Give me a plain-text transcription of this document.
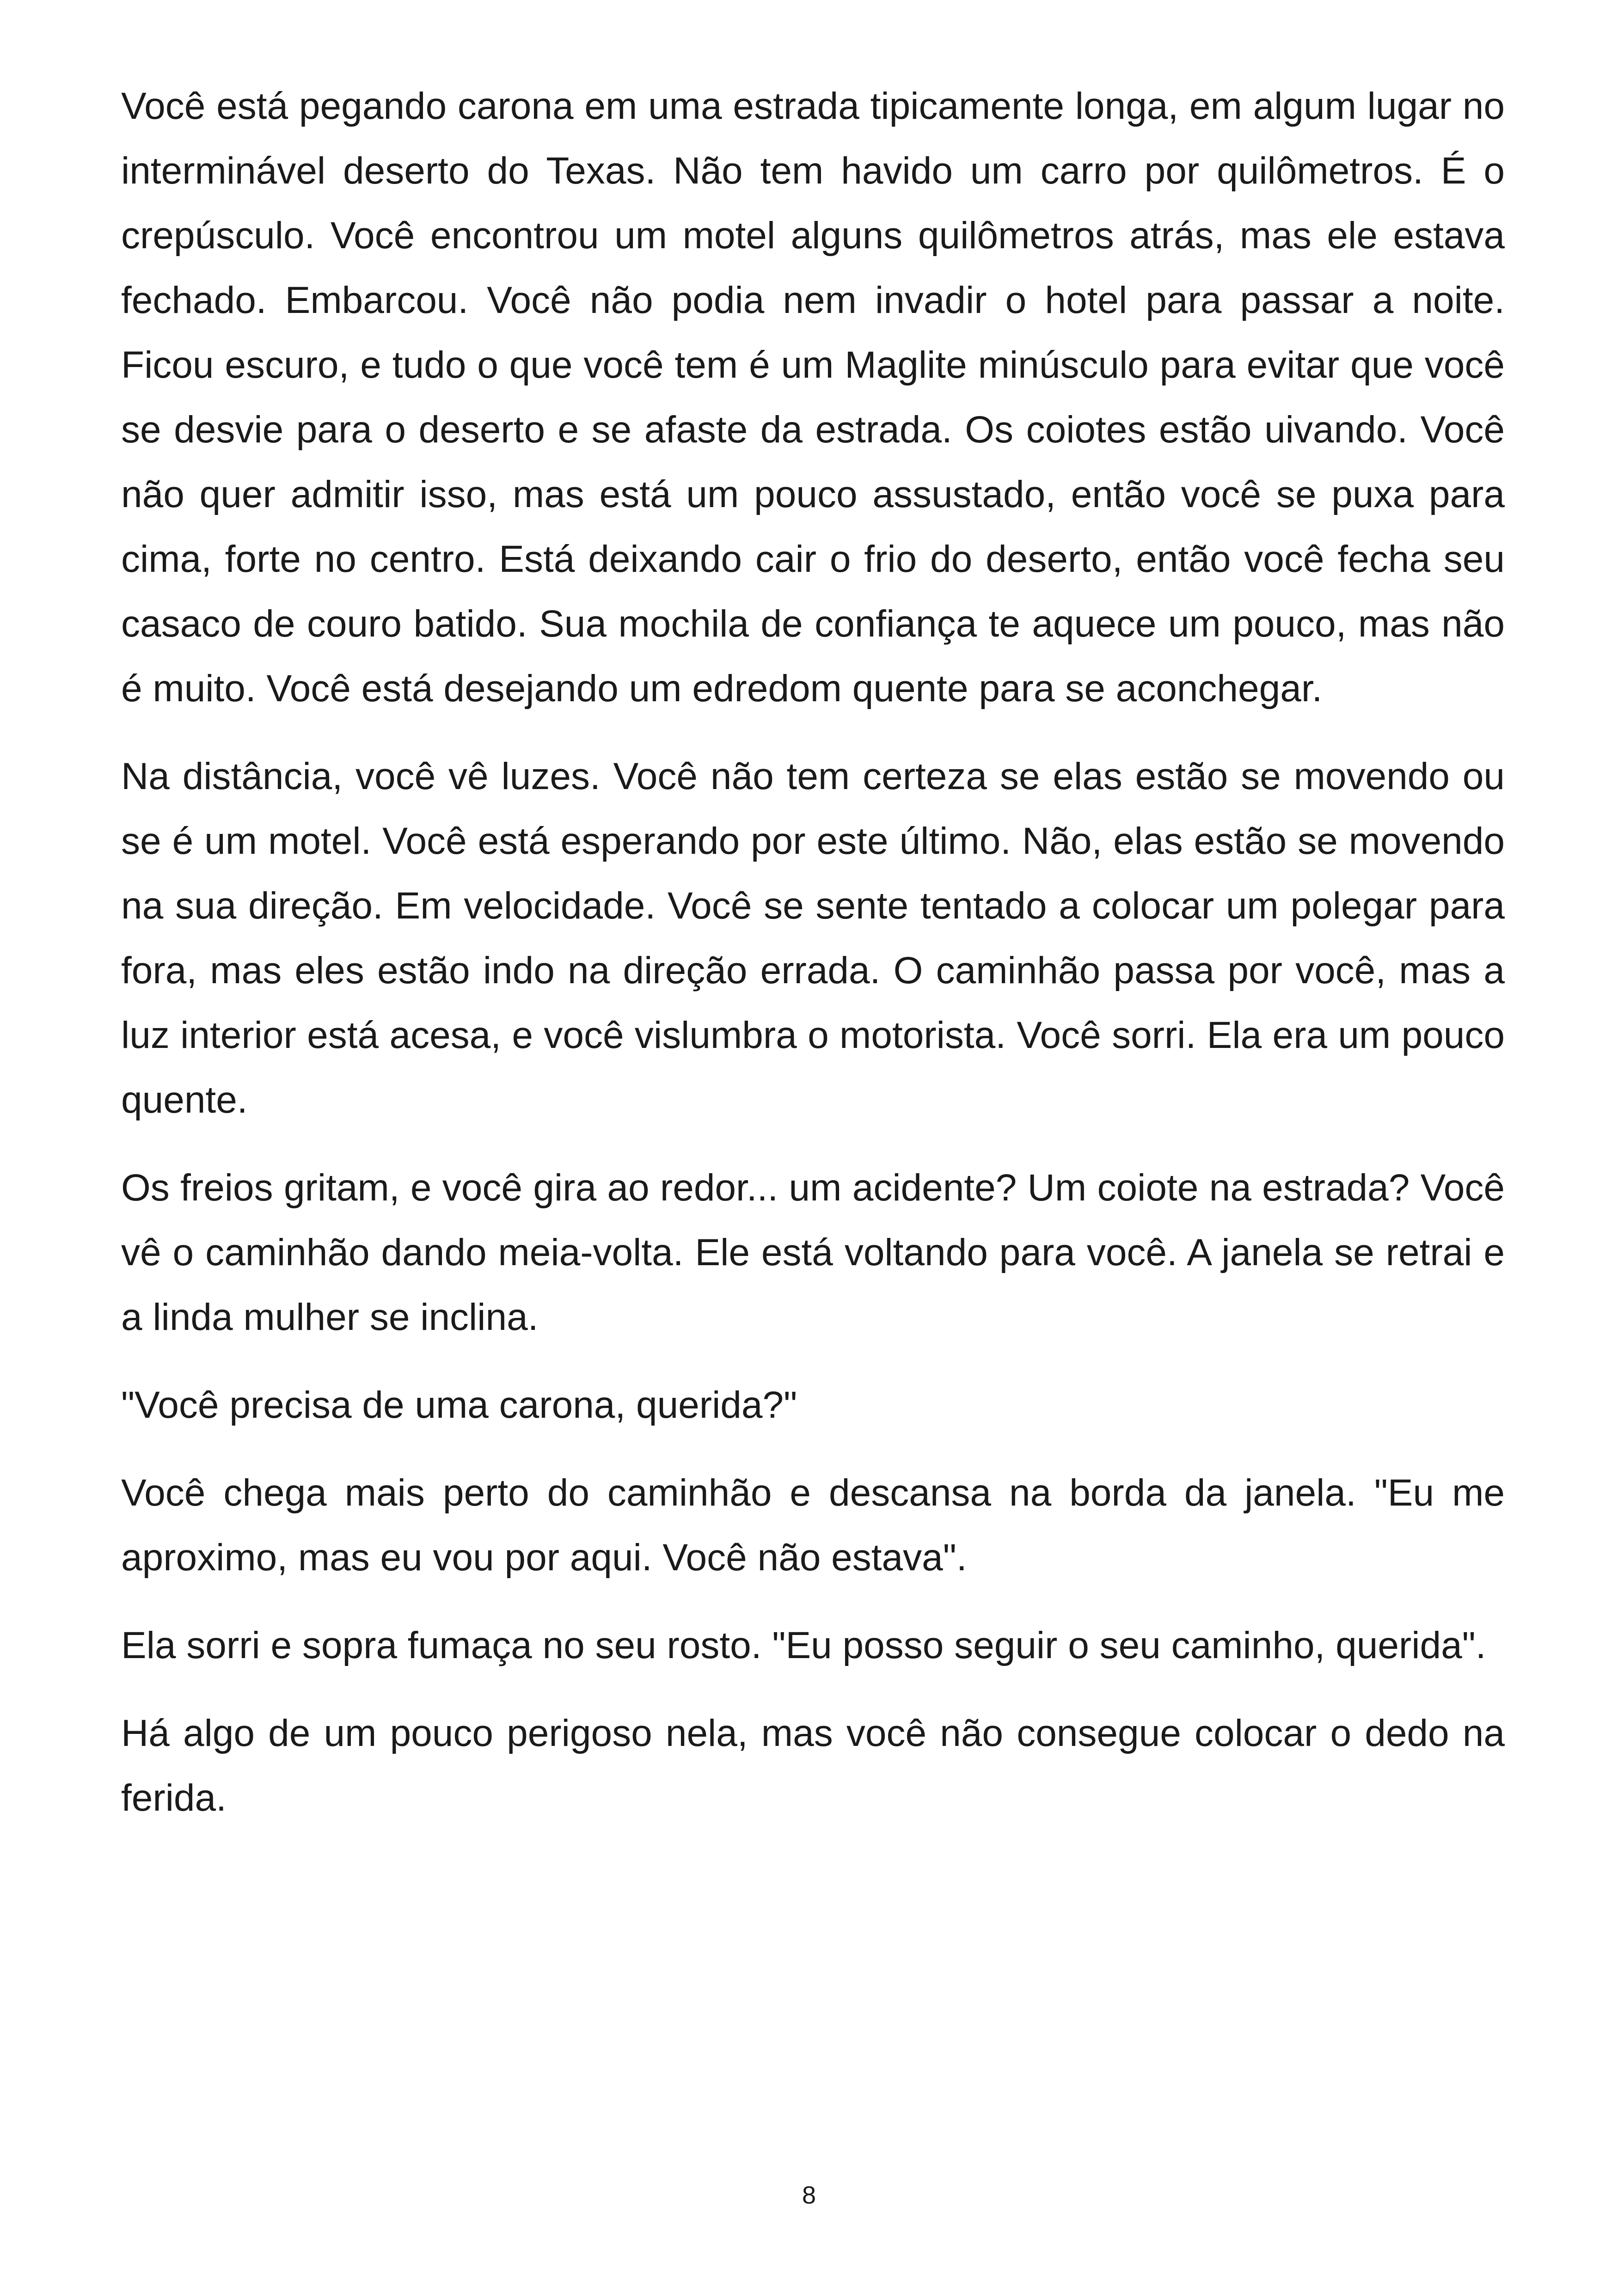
Você está pegando carona em uma estrada tipicamente longa, em algum lugar no interminável deserto do Texas. Não tem havido um carro por quilômetros. É o crepúsculo. Você encontrou um motel alguns quilômetros atrás, mas ele estava fechado. Embarcou. Você não podia nem invadir o hotel para passar a noite. Ficou escuro, e tudo o que você tem é um Maglite minúsculo para evitar que você se desvie para o deserto e se afaste da estrada. Os coiotes estão uivando. Você não quer admitir isso, mas está um pouco assustado, então você se puxa para cima, forte no centro. Está deixando cair o frio do deserto, então você fecha seu casaco de couro batido. Sua mochila de confiança te aquece um pouco, mas não é muito. Você está desejando um edredom quente para se aconchegar.

Na distância, você vê luzes. Você não tem certeza se elas estão se movendo ou se é um motel. Você está esperando por este último. Não, elas estão se movendo na sua direção. Em velocidade. Você se sente tentado a colocar um polegar para fora, mas eles estão indo na direção errada. O caminhão passa por você, mas a luz interior está acesa, e você vislumbra o motorista. Você sorri. Ela era um pouco quente.

Os freios gritam, e você gira ao redor... um acidente? Um coiote na estrada? Você vê o caminhão dando meia-volta. Ele está voltando para você. A janela se retrai e a linda mulher se inclina.

"Você precisa de uma carona, querida?"

Você chega mais perto do caminhão e descansa na borda da janela. "Eu me aproximo, mas eu vou por aqui. Você não estava".

Ela sorri e sopra fumaça no seu rosto. "Eu posso seguir o seu caminho, querida".

Há algo de um pouco perigoso nela, mas você não consegue colocar o dedo na ferida.

8
